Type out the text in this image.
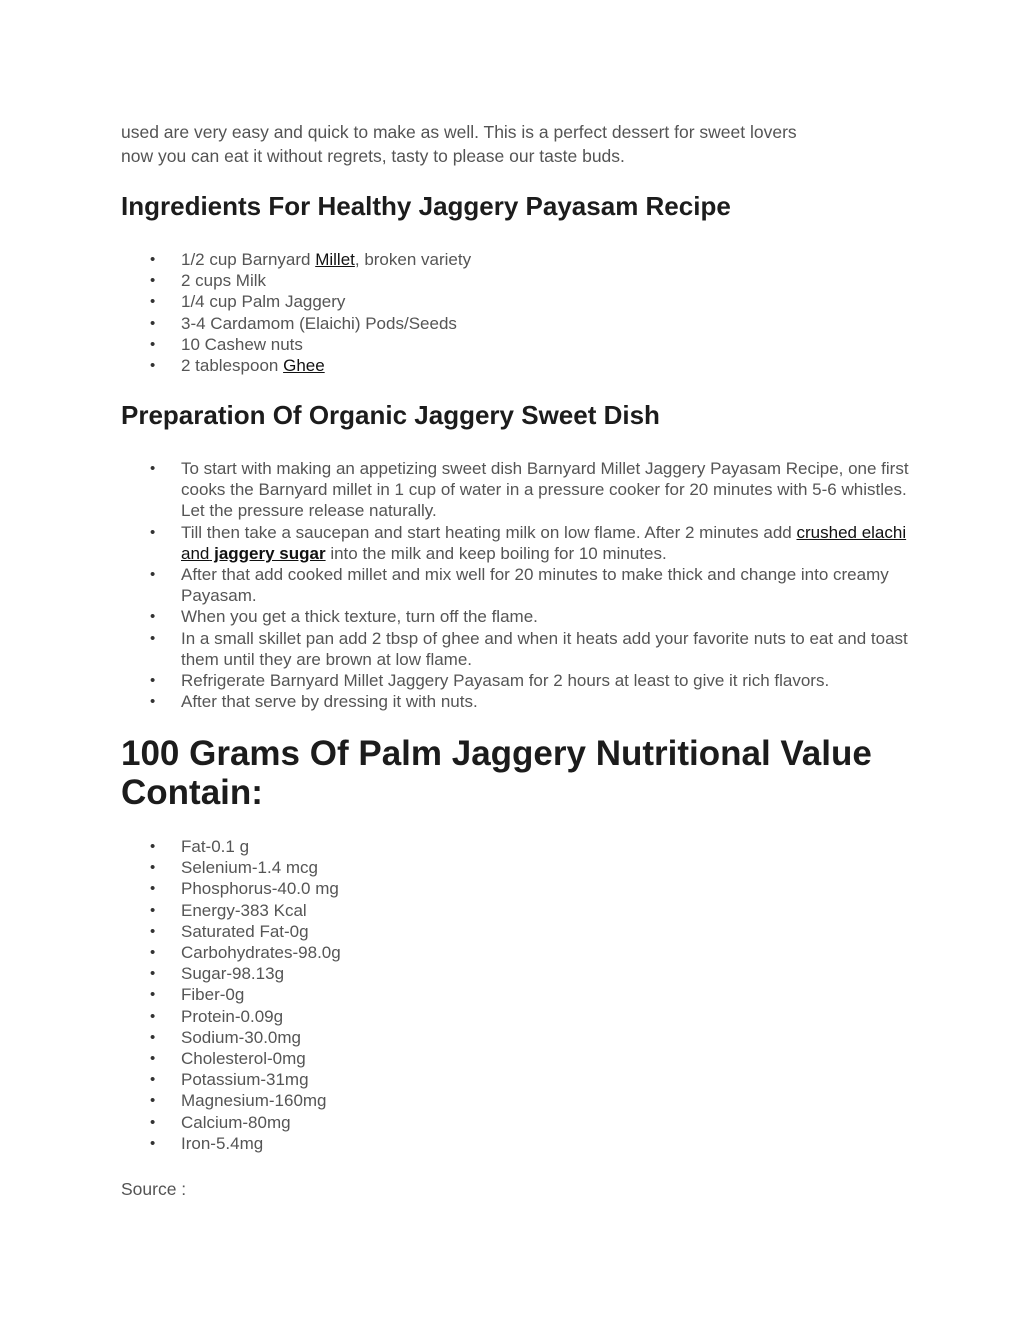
used are very easy and quick to make as well. This is a perfect dessert for sweet lovers
now you can eat it without regrets, tasty to please our taste buds.

Ingredients For Healthy Jaggery Payasam Recipe
• 1/2 cup Barnyard Millet, broken variety
• 2 cups Milk
• 1/4 cup Palm Jaggery
• 3-4 Cardamom (Elaichi) Pods/Seeds
• 10 Cashew nuts
• 2 tablespoon Ghee
Preparation Of Organic Jaggery Sweet Dish
• To start with making an appetizing sweet dish Barnyard Millet Jaggery Payasam Recipe, one first cooks the Barnyard millet in 1 cup of water in a pressure cooker for 20 minutes with 5-6 whistles. Let the pressure release naturally.
• Till then take a saucepan and start heating milk on low flame. After 2 minutes add crushed elachi and jaggery sugar into the milk and keep boiling for 10 minutes.
• After that add cooked millet and mix well for 20 minutes to make thick and change into creamy Payasam.
• When you get a thick texture, turn off the flame.
• In a small skillet pan add 2 tbsp of ghee and when it heats add your favorite nuts to eat and toast them until they are brown at low flame.
• Refrigerate Barnyard Millet Jaggery Payasam for 2 hours at least to give it rich flavors.
• After that serve by dressing it with nuts.
100 Grams Of Palm Jaggery Nutritional Value Contain:
• Fat-0.1 g
• Selenium-1.4 mcg
• Phosphorus-40.0 mg
• Energy-383 Kcal
• Saturated Fat-0g
• Carbohydrates-98.0g
• Sugar-98.13g
• Fiber-0g
• Protein-0.09g
• Sodium-30.0mg
• Cholesterol-0mg
• Potassium-31mg
• Magnesium-160mg
• Calcium-80mg
• Iron-5.4mg

Source :
